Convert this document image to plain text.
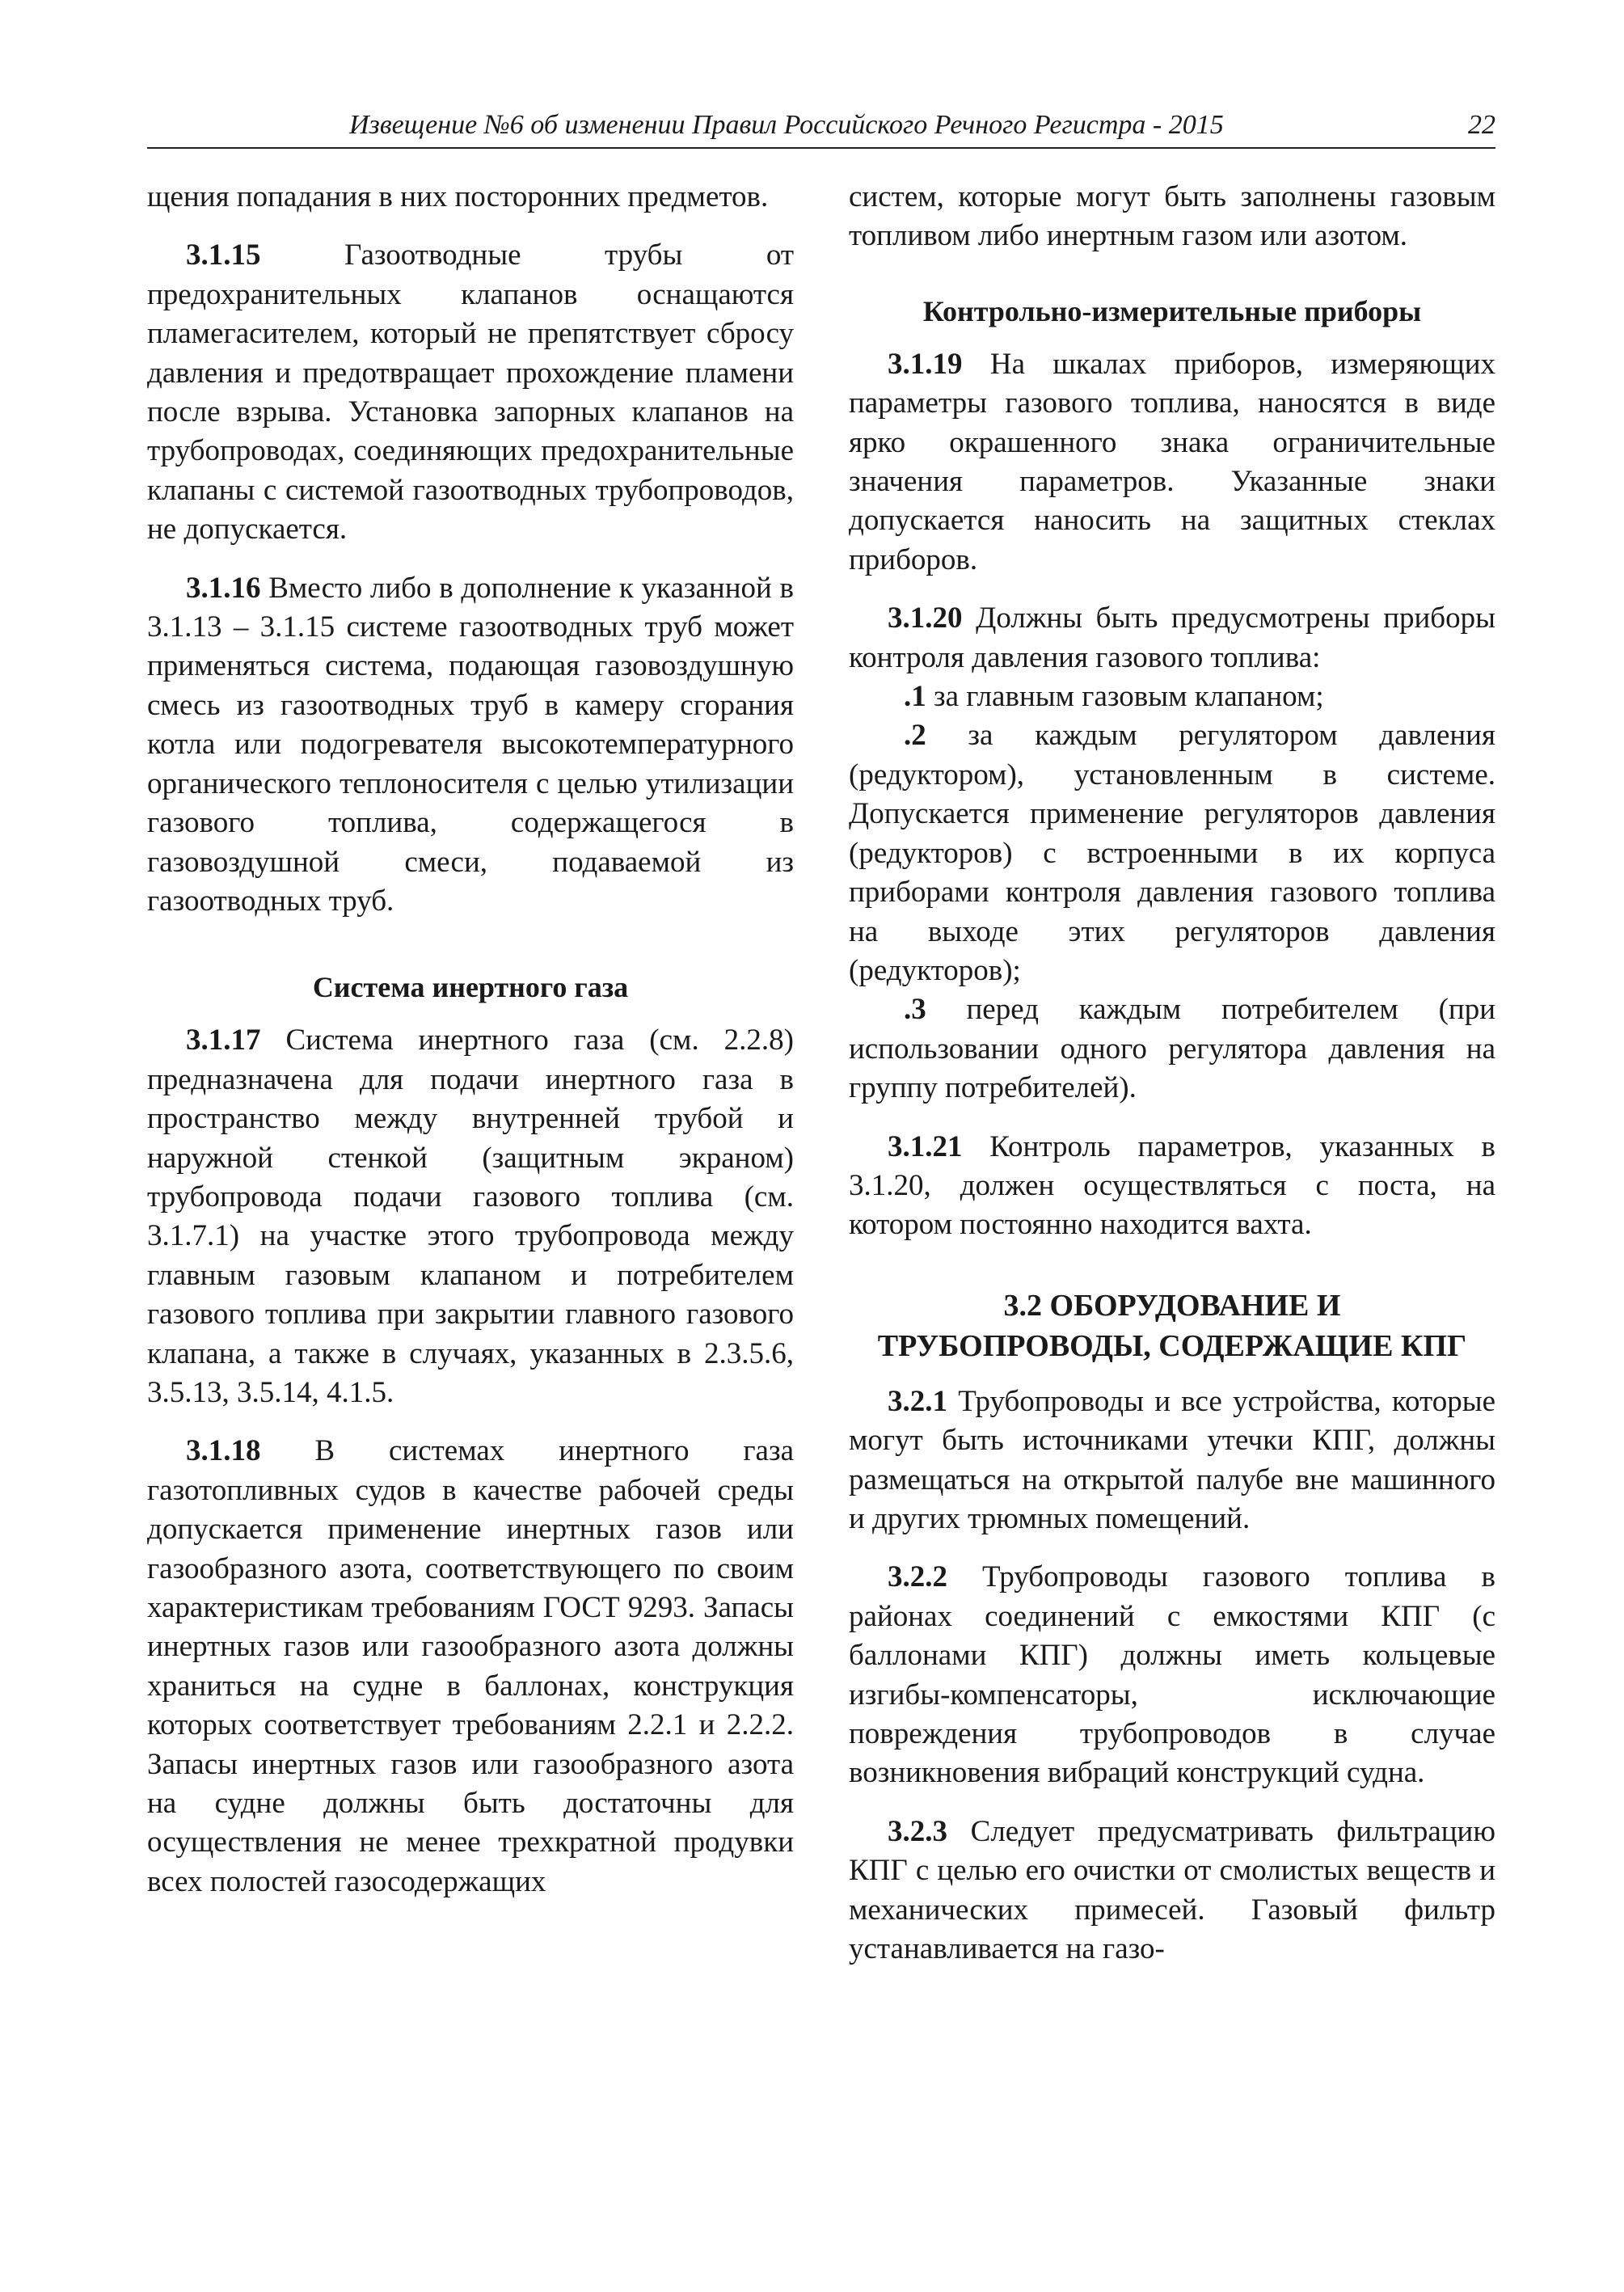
Извещение №6 об изменении Правил Российского Речного Регистра - 2015	22

щения попадания в них посторонних предметов.

3.1.15 Газоотводные трубы от предохранительных клапанов оснащаются пламегасителем, который не препятствует сбросу давления и предотвращает прохождение пламени после взрыва. Установка запорных клапанов на трубопроводах, соединяющих предохранительные клапаны с системой газоотводных трубопроводов, не допускается.

3.1.16 Вместо либо в дополнение к указанной в 3.1.13 – 3.1.15 системе газоотводных труб может применяться система, подающая газовоздушную смесь из газоотводных труб в камеру сгорания котла или подогревателя высокотемпературного органического теплоносителя с целью утилизации газового топлива, содержащегося в газовоздушной смеси, подаваемой из газоотводных труб.

Система инертного газа

3.1.17 Система инертного газа (см. 2.2.8) предназначена для подачи инертного газа в пространство между внутренней трубой и наружной стенкой (защитным экраном) трубопровода подачи газового топлива (см. 3.1.7.1) на участке этого трубопровода между главным газовым клапаном и потребителем газового топлива при закрытии главного газового клапана, а также в случаях, указанных в 2.3.5.6, 3.5.13, 3.5.14, 4.1.5.

3.1.18 В системах инертного газа газотопливных судов в качестве рабочей среды допускается применение инертных газов или газообразного азота, соответствующего по своим характеристикам требованиям ГОСТ 9293. Запасы инертных газов или газообразного азота должны храниться на судне в баллонах, конструкция которых соответствует требованиям 2.2.1 и 2.2.2. Запасы инертных газов или газообразного азота на судне должны быть достаточны для осуществления не менее трехкратной продувки всех полостей газосодержащих

систем, которые могут быть заполнены газовым топливом либо инертным газом или азотом.

Контрольно-измерительные приборы

3.1.19 На шкалах приборов, измеряющих параметры газового топлива, наносятся в виде ярко окрашенного знака ограничительные значения параметров. Указанные знаки допускается наносить на защитных стеклах приборов.

3.1.20 Должны быть предусмотрены приборы контроля давления газового топлива:

.1 за главным газовым клапаном;

.2 за каждым регулятором давления (редуктором), установленным в системе. Допускается применение регуляторов давления (редукторов) с встроенными в их корпуса приборами контроля давления газового топлива на выходе этих регуляторов давления (редукторов);

.3 перед каждым потребителем (при использовании одного регулятора давления на группу потребителей).

3.1.21 Контроль параметров, указанных в 3.1.20, должен осуществляться с поста, на котором постоянно находится вахта.

3.2 ОБОРУДОВАНИЕ И

ТРУБОПРОВОДЫ, СОДЕРЖАЩИЕ КПГ

3.2.1 Трубопроводы и все устройства, которые могут быть источниками утечки КПГ, должны размещаться на открытой палубе вне машинного и других трюмных помещений.

3.2.2 Трубопроводы газового топлива в районах соединений с емкостями КПГ (с баллонами КПГ) должны иметь кольцевые изгибы-компенсаторы, исключающие повреждения трубопроводов в случае возникновения вибраций конструкций судна.

3.2.3 Следует предусматривать фильтрацию КПГ с целью его очистки от смолистых веществ и механических примесей. Газовый фильтр устанавливается на газо-
